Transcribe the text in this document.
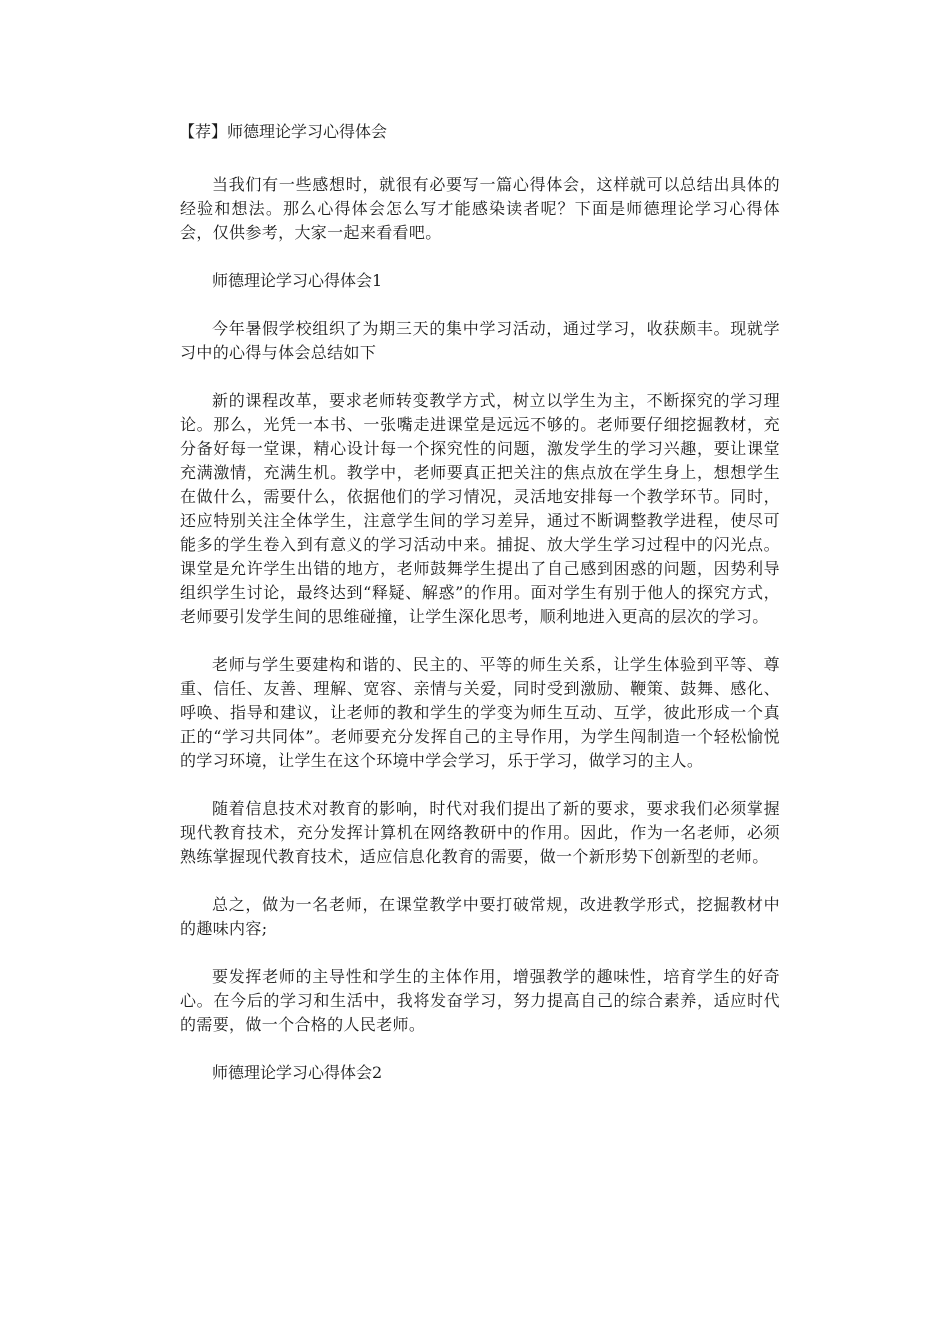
【荐】师德理论学习心得体会

当我们有一些感想时，就很有必要写一篇心得体会，这样就可以总结出具体的经验和想法。那么心得体会怎么写才能感染读者呢？下面是师德理论学习心得体会，仅供参考，大家一起来看看吧。

师德理论学习心得体会1

今年暑假学校组织了为期三天的集中学习活动，通过学习，收获颇丰。现就学习中的心得与体会总结如下

新的课程改革，要求老师转变教学方式，树立以学生为主，不断探究的学习理论。那么，光凭一本书、一张嘴走进课堂是远远不够的。老师要仔细挖掘教材，充分备好每一堂课，精心设计每一个探究性的问题，激发学生的学习兴趣，要让课堂充满激情，充满生机。教学中，老师要真正把关注的焦点放在学生身上，想想学生在做什么，需要什么，依据他们的学习情况，灵活地安排每一个教学环节。同时，还应特别关注全体学生，注意学生间的学习差异，通过不断调整教学进程，使尽可能多的学生卷入到有意义的学习活动中来。捕捉、放大学生学习过程中的闪光点。课堂是允许学生出错的地方，老师鼓舞学生提出了自己感到困惑的问题，因势利导组织学生讨论，最终达到“释疑、解惑”的作用。面对学生有别于他人的探究方式，老师要引发学生间的思维碰撞，让学生深化思考，顺利地进入更高的层次的学习。

老师与学生要建构和谐的、民主的、平等的师生关系，让学生体验到平等、尊重、信任、友善、理解、宽容、亲情与关爱，同时受到激励、鞭策、鼓舞、感化、呼唤、指导和建议，让老师的教和学生的学变为师生互动、互学，彼此形成一个真正的“学习共同体”。老师要充分发挥自己的主导作用，为学生闯制造一个轻松愉悦的学习环境，让学生在这个环境中学会学习，乐于学习，做学习的主人。

随着信息技术对教育的影响，时代对我们提出了新的要求，要求我们必须掌握现代教育技术，充分发挥计算机在网络教研中的作用。因此，作为一名老师，必须熟练掌握现代教育技术，适应信息化教育的需要，做一个新形势下创新型的老师。

总之，做为一名老师，在课堂教学中要打破常规，改进教学形式，挖掘教材中的趣味内容;

要发挥老师的主导性和学生的主体作用，增强教学的趣味性，培育学生的好奇心。在今后的学习和生活中，我将发奋学习，努力提高自己的综合素养，适应时代的需要，做一个合格的人民老师。

师德理论学习心得体会2
